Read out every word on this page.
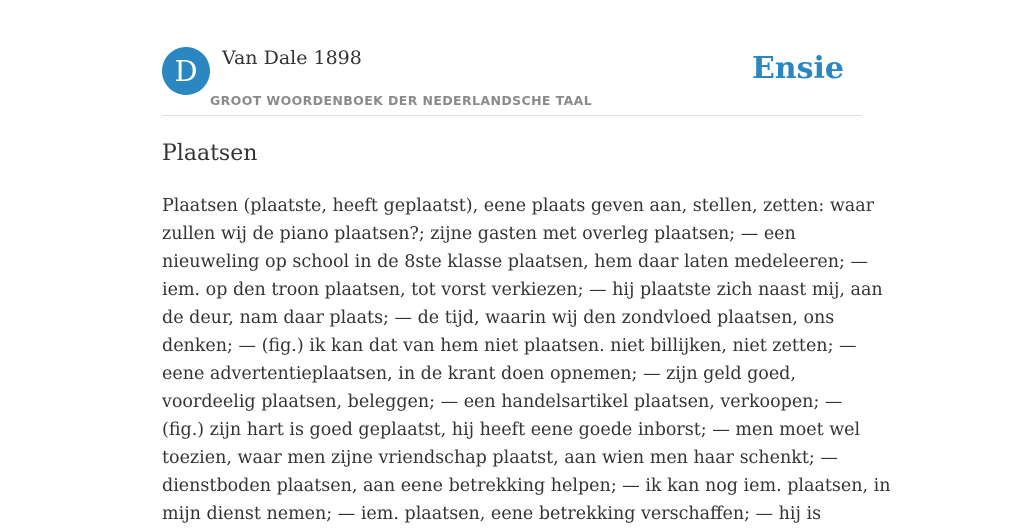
D	Van Dale 1898
GROOT WOORDENBOEK DER NEDERLANDSCHE TAAL
Ensie
Plaatsen
Plaatsen (plaatste, heeft geplaatst), eene plaats geven aan, stellen, zetten: waar
zullen wij de piano plaatsen?; zijne gasten met overleg plaatsen; — een
nieuweling op school in de 8ste klasse plaatsen, hem daar laten medeleeren; —
iem. op den troon plaatsen, tot vorst verkiezen; — hij plaatste zich naast mij, aan
de deur, nam daar plaats; — de tijd, waarin wij den zondvloed plaatsen, ons
denken; — (fig.) ik kan dat van hem niet plaatsen. niet billijken, niet zetten; —
eene advertentieplaatsen, in de krant doen opnemen; — zijn geld goed,
voordeelig plaatsen, beleggen; — een handelsartikel plaatsen, verkoopen; —
(fig.) zijn hart is goed geplaatst, hij heeft eene goede inborst; — men moet wel
toezien, waar men zijne vriendschap plaatst, aan wien men haar schenkt; —
dienstboden plaatsen, aan eene betrekking helpen; — ik kan nog iem. plaatsen, in
mijn dienst nemen; — iem. plaatsen, eene betrekking verschaffen; — hij is
